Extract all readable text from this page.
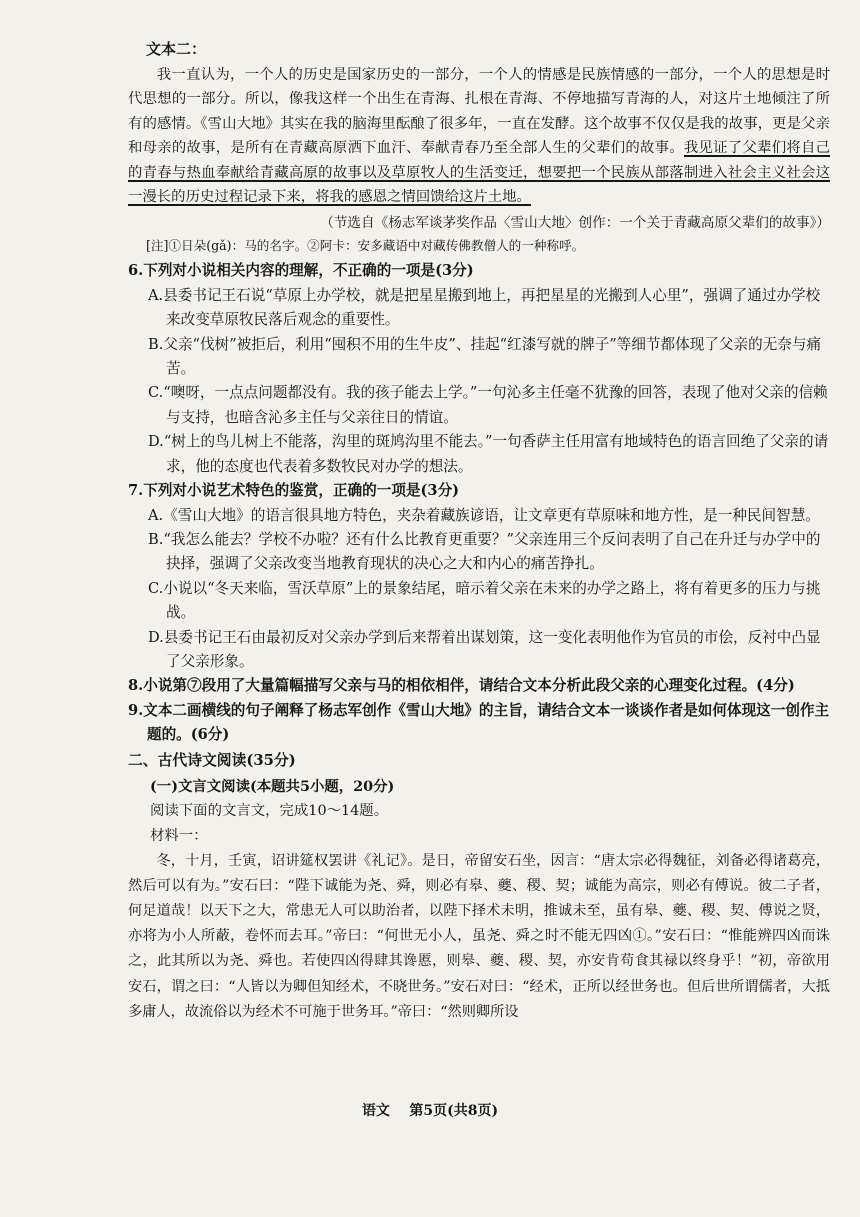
‥
文本二：

我一直认为，一个人的历史是国家历史的一部分，一个人的情感是民族情感的一部分，一个人的思想是时代思想的一部分。所以，像我这样一个出生在青海、扎根在青海、不停地描写青海的人，对这片土地倾注了所有的感情。《雪山大地》其实在我的脑海里酝酿了很多年，一直在发酵。这个故事不仅仅是我的故事，更是父亲和母亲的故事，是所有在青藏高原洒下血汗、奉献青春乃至全部人生的父辈们的故事。我见证了父辈们将自己的青春与热血奉献给青藏高原的故事以及草原牧人的生活变迁，想要把一个民族从部落制进入社会主义社会这一漫长的历史过程记录下来，将我的感恩之情回馈给这片土地。

（节选自《杨志军谈茅奖作品〈雪山大地〉创作：一个关于青藏高原父辈们的故事》）

[注]①日朵(gǎ)：马的名字。②阿卡：安多藏语中对藏传佛教僧人的一种称呼。

6.下列对小说相关内容的理解，不正确的一项是(3分)

A.县委书记王石说“草原上办学校，就是把星星搬到地上，再把星星的光搬到人心里”，强调了通过办学校来改变草原牧民落后观念的重要性。

B.父亲“伐树”被拒后，利用“囤积不用的生牛皮”、挂起“红漆写就的牌子”等细节都体现了父亲的无奈与痛苦。

C.“噢呀，一点点问题都没有。我的孩子能去上学。”一句沁多主任毫不犹豫的回答，表现了他对父亲的信赖与支持，也暗含沁多主任与父亲往日的情谊。

D.“树上的鸟儿树上不能落，沟里的斑鸠沟里不能去。”一句香萨主任用富有地域特色的语言回绝了父亲的请求，他的态度也代表着多数牧民对办学的想法。

7.下列对小说艺术特色的鉴赏，正确的一项是(3分)

A.《雪山大地》的语言很具地方特色，夹杂着藏族谚语，让文章更有草原味和地方性，是一种民间智慧。

B.“我怎么能去？学校不办啦？还有什么比教育更重要？”父亲连用三个反问表明了自己在升迁与办学中的抉择，强调了父亲改变当地教育现状的决心之大和内心的痛苦挣扎。

C.小说以“冬天来临，雪沃草原”上的景象结尾，暗示着父亲在未来的办学之路上，将有着更多的压力与挑战。

D.县委书记王石由最初反对父亲办学到后来帮着出谋划策，这一变化表明他作为官员的市侩，反衬中凸显了父亲形象。

8.小说第⑦段用了大量篇幅描写父亲与马的相依相伴，请结合文本分析此段父亲的心理变化过程。(4分)

9.文本二画横线的句子阐释了杨志军创作《雪山大地》的主旨，请结合文本一谈谈作者是如何体现这一创作主题的。(6分)

二、古代诗文阅读(35分)

(一)文言文阅读(本题共5小题，20分)

阅读下面的文言文，完成10～14题。

材料一：

冬，十月，壬寅，诏讲筵权罢讲《礼记》。是日，帝留安石坐，因言：“唐太宗必得魏征，刘备必得诸葛亮，然后可以有为。”安石曰：“陛下诚能为尧、舜，则必有皋、夔、稷、契；诚能为高宗，则必有傅说。彼二子者，何足道哉！以天下之大，常患无人可以助治者，以陛下择术未明，推诚未至，虽有皋、夔、稷、契、傅说之贤，亦将为小人所蔽，卷怀而去耳。”帝曰：“何世无小人，虽尧、舜之时不能无四凶①。”安石曰：“惟能辨四凶而诛之，此其所以为尧、舜也。若使四凶得肆其谗慝，则皋、夔、稷、契，亦安肯苟食其禄以终身乎！”初，帝欲用安石，谓之曰：“人皆以为卿但知经术，不晓世务。”安石对曰：“经术，正所以经世务也。但后世所谓儒者，大抵多庸人，故流俗以为经术不可施于世务耳。”帝曰：“然则卿所设

语文 第5页(共8页)
